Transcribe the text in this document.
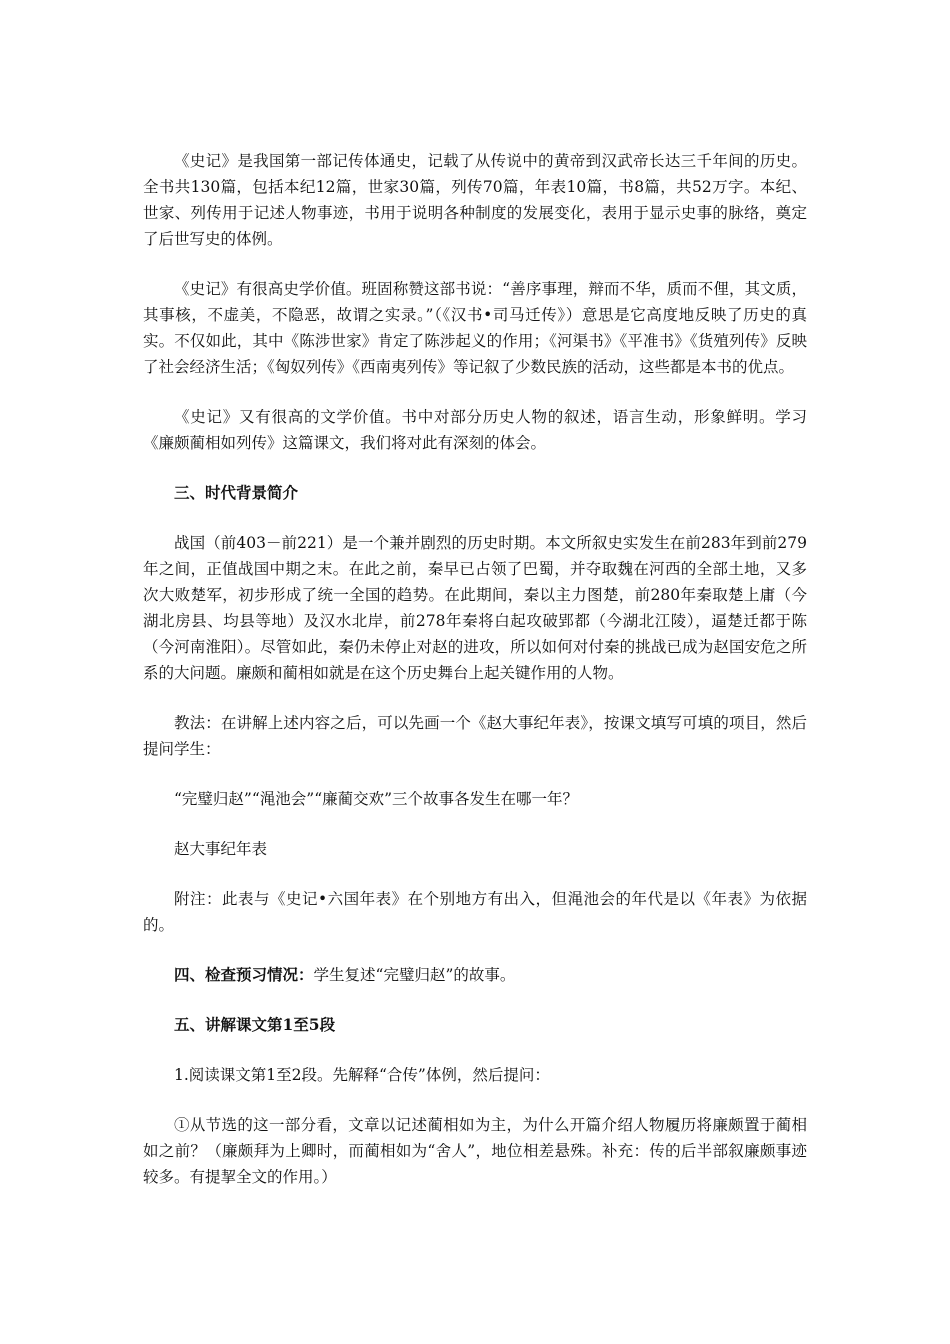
《史记》是我国第一部记传体通史，记载了从传说中的黄帝到汉武帝长达三千年间的历史。全书共130篇，包括本纪12篇，世家30篇，列传70篇，年表10篇，书8篇，共52万字。本纪、世家、列传用于记述人物事迹，书用于说明各种制度的发展变化，表用于显示史事的脉络，奠定了后世写史的体例。

《史记》有很高史学价值。班固称赞这部书说：“善序事理，辩而不华，质而不俚，其文质，其事核，不虚美，不隐恶，故谓之实录。”（《汉书•司马迁传》）意思是它高度地反映了历史的真实。不仅如此，其中《陈涉世家》肯定了陈涉起义的作用；《河渠书》《平准书》《货殖列传》反映了社会经济生活；《匈奴列传》《西南夷列传》等记叙了少数民族的活动，这些都是本书的优点。

《史记》又有很高的文学价值。书中对部分历史人物的叙述，语言生动，形象鲜明。学习《廉颇蔺相如列传》这篇课文，我们将对此有深刻的体会。

三、时代背景简介

战国（前403－前221）是一个兼并剧烈的历史时期。本文所叙史实发生在前283年到前279年之间，正值战国中期之末。在此之前，秦早已占领了巴蜀，并夺取魏在河西的全部土地，又多次大败楚军，初步形成了统一全国的趋势。在此期间，秦以主力图楚，前280年秦取楚上庸（今湖北房县、均县等地）及汉水北岸，前278年秦将白起攻破郢都（今湖北江陵），逼楚迁都于陈（今河南淮阳）。尽管如此，秦仍未停止对赵的进攻，所以如何对付秦的挑战已成为赵国安危之所系的大问题。廉颇和蔺相如就是在这个历史舞台上起关键作用的人物。

教法：在讲解上述内容之后，可以先画一个《赵大事纪年表》，按课文填写可填的项目，然后提问学生：

“完璧归赵”“渑池会”“廉蔺交欢”三个故事各发生在哪一年？

赵大事纪年表

附注：此表与《史记•六国年表》在个别地方有出入，但渑池会的年代是以《年表》为依据的。

四、检查预习情况：学生复述“完璧归赵”的故事。

五、讲解课文第1至5段

1.阅读课文第1至2段。先解释“合传”体例，然后提问：

①从节选的这一部分看，文章以记述蔺相如为主，为什么开篇介绍人物履历将廉颇置于蔺相如之前？（廉颇拜为上卿时，而蔺相如为“舍人”，地位相差悬殊。补充：传的后半部叙廉颇事迹较多。有提挈全文的作用。）
